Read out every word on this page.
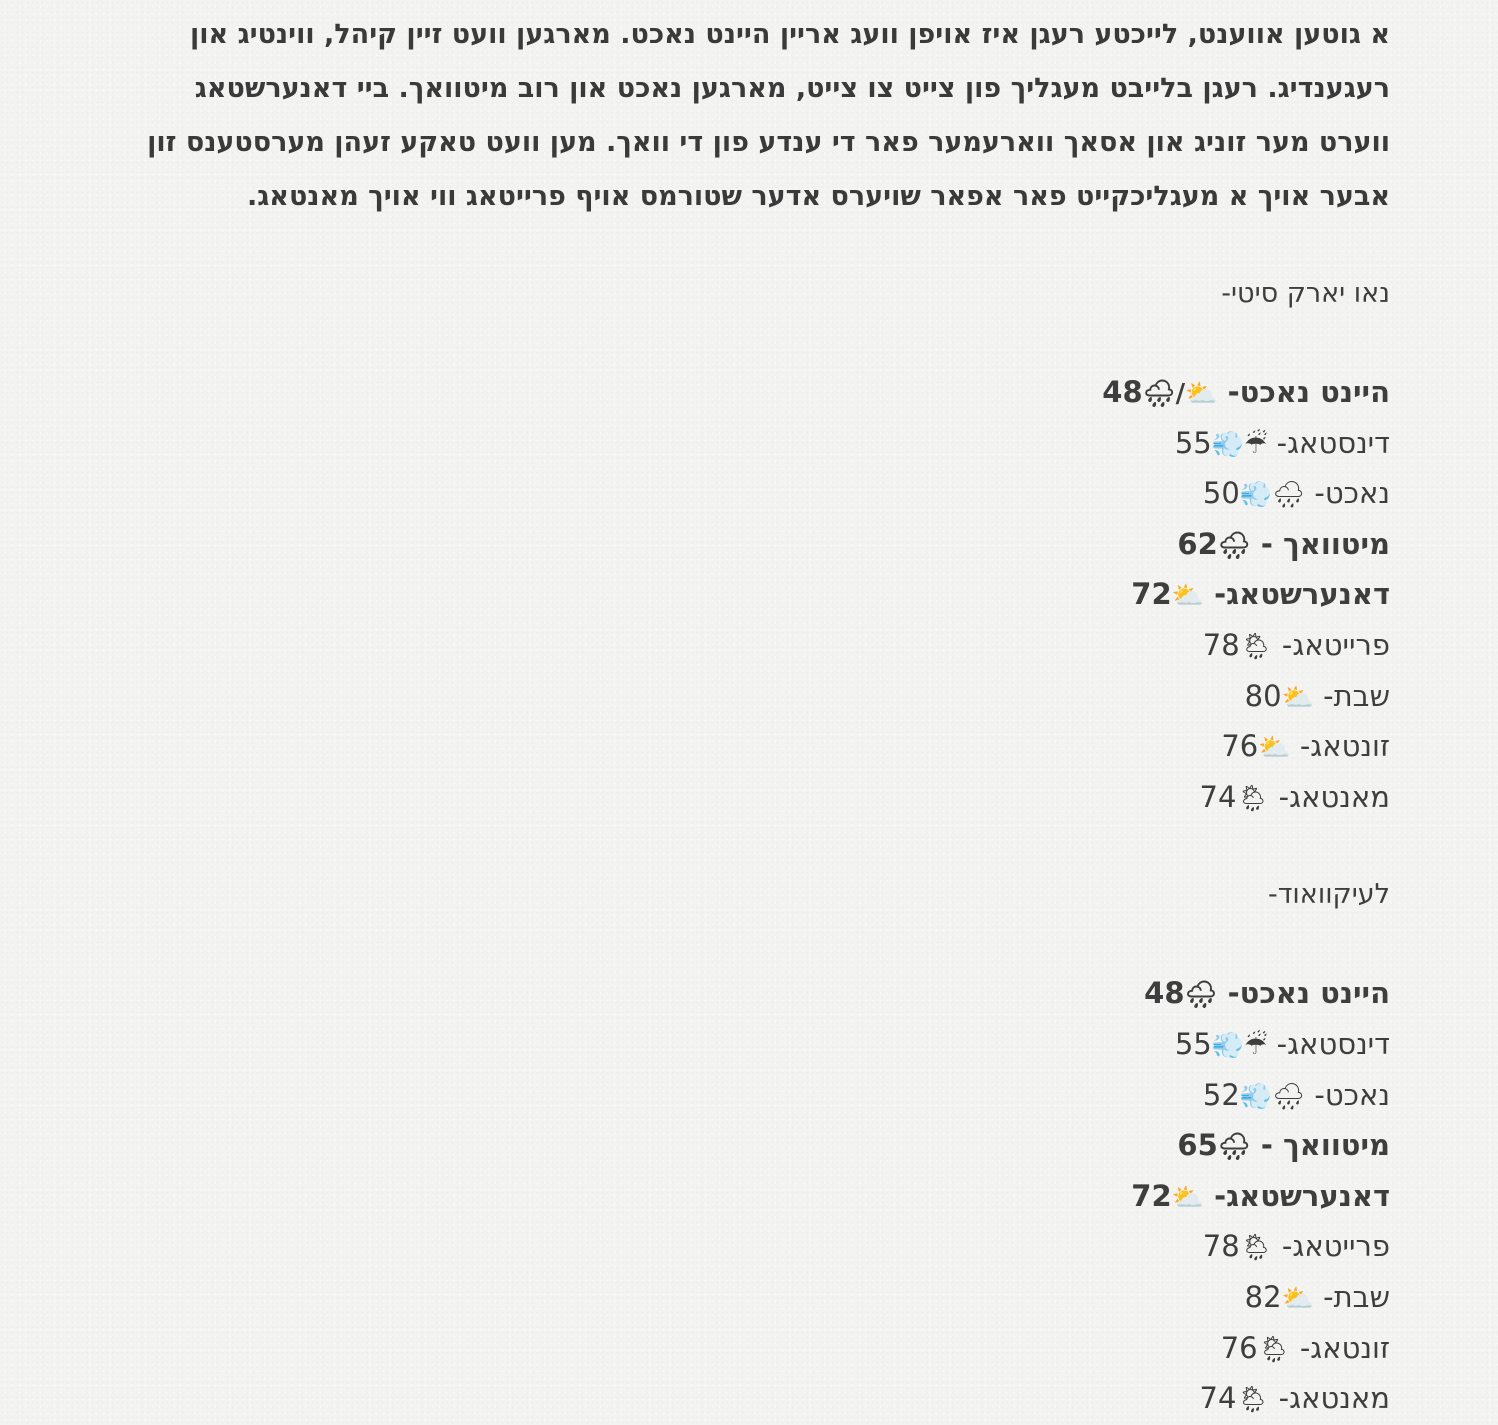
א גוטען אווענט, לייכטע רעגן איז אויפן וועג אריין היינט נאכט. מארגען וועט זיין קיהל, ווינטיג און
רעגענדיג. רעגן בלייבט מעגליך פון צייט צו צייט, מארגען נאכט און רוב מיטוואך. ביי דאנערשטאג
ווערט מער זוניג און אסאך ווארעמער פאר די ענדע פון די וואך. מען וועט טאקע זעהן מערסטענס זון
אבער אויך א מעגליכקייט פאר אפאר שויערס אדער שטורמס אויף פרייטאג ווי אויך מאנטאג.
נאו יארק סיטי-
היינט נאכט- ⛅/🌧48
דינסטאג- ☔💨55
נאכט- 🌧💨50
מיטוואך - 🌧62
דאנערשטאג- ⛅72
פרייטאג- 🌦78
שבת- ⛅80
זונטאג- ⛅76
מאנטאג- 🌦74
לעיקוואוד-
היינט נאכט- 🌧48
דינסטאג- ☔💨55
נאכט- 🌧💨52
מיטוואך - 🌧65
דאנערשטאג- ⛅72
פרייטאג- 🌦78
שבת- ⛅82
זונטאג- 🌦76
מאנטאג- 🌦74
